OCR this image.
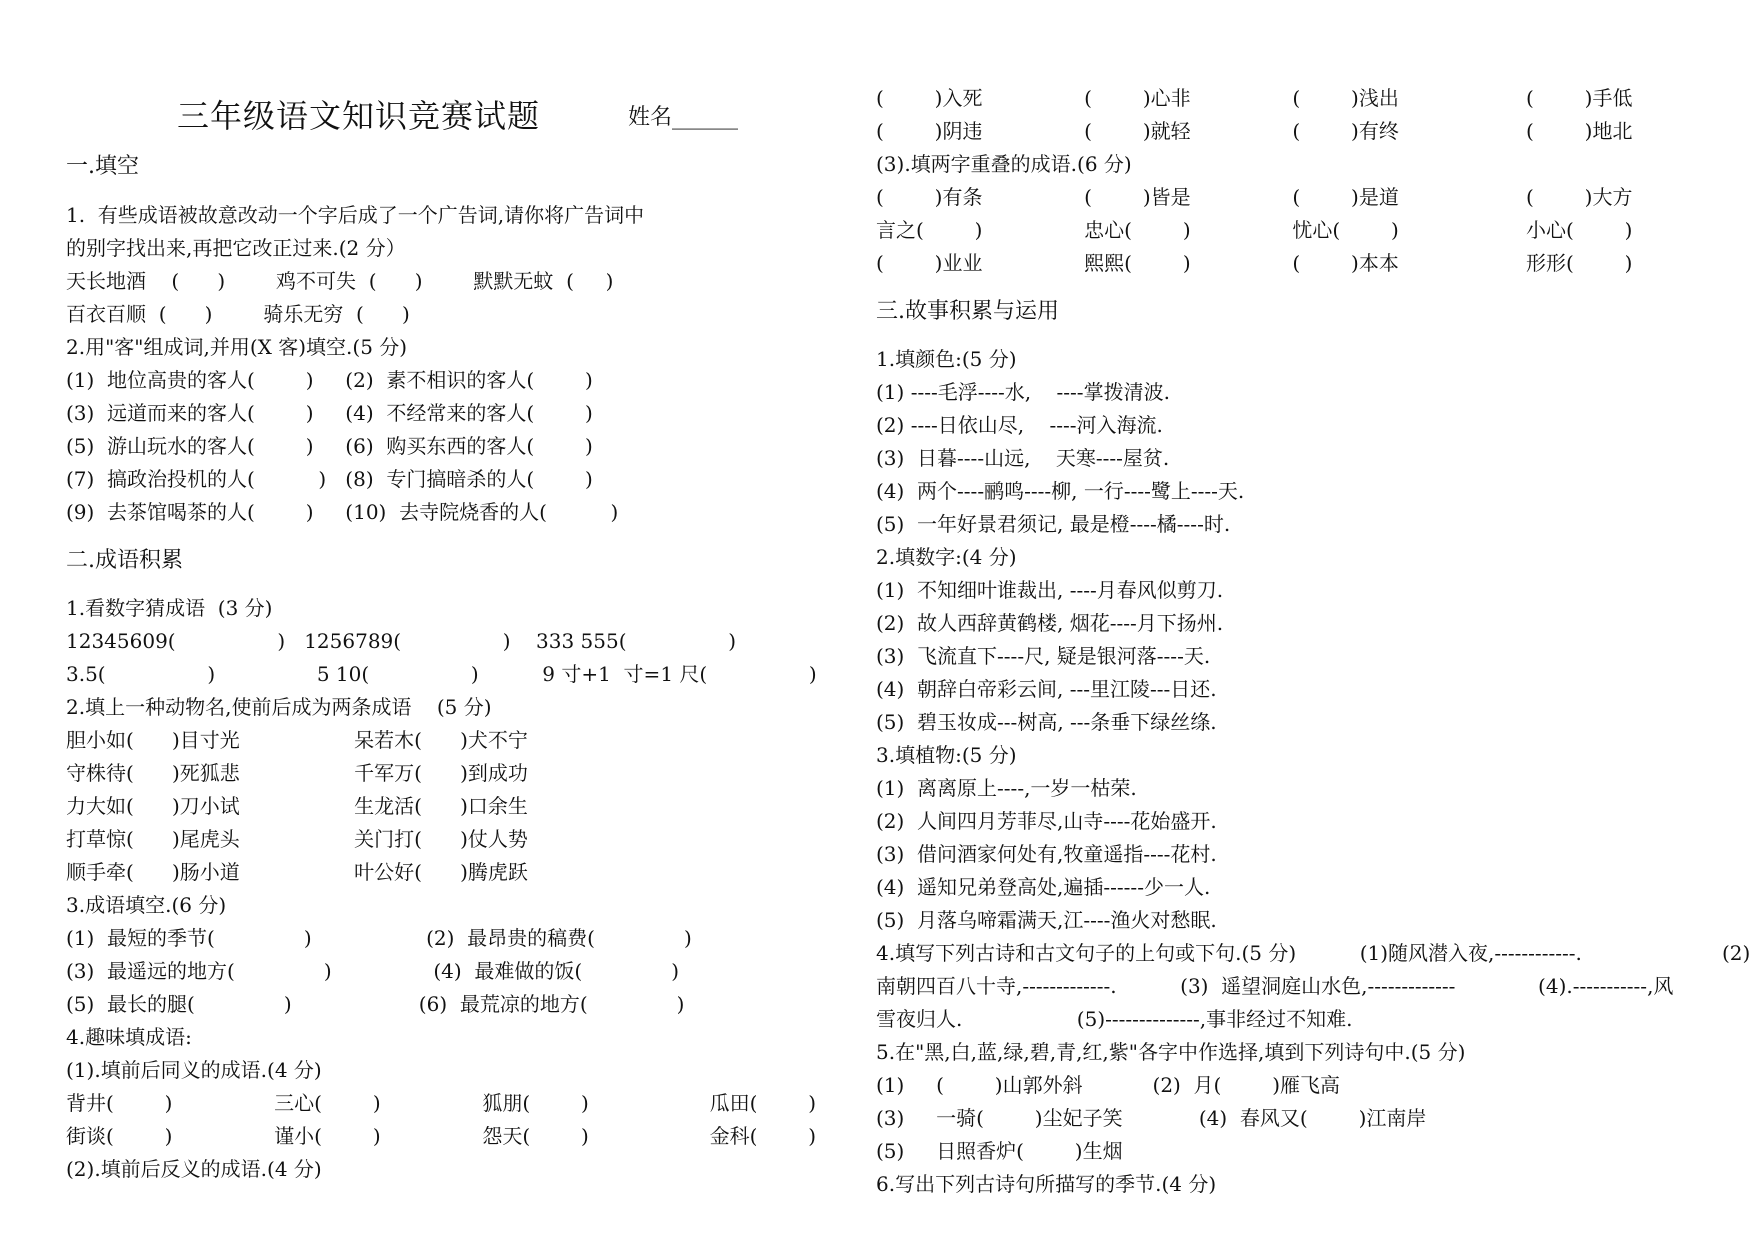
三年级语文知识竞赛试题	姓名______
一.填空
1.  有些成语被故意改动一个字后成了一个广告词,请你将广告词中
的别字找出来,再把它改正过来.(2 分）
天长地酒    (      )        鸡不可失  (      )        默默无蚊  (     )
百衣百顺  (      )        骑乐无穷  (      )
2.用"客"组成词,并用(X 客)填空.(5 分)
(1)  地位高贵的客人(        )     (2)  素不相识的客人(        )
(3)  远道而来的客人(        )     (4)  不经常来的客人(        )
(5)  游山玩水的客人(        )     (6)  购买东西的客人(        )
(7)  搞政治投机的人(          )   (8)  专门搞暗杀的人(        )
(9)  去茶馆喝茶的人(        )     (10)  去寺院烧香的人(          )
二.成语积累
1.看数字猜成语  (3 分)
12345609(                )   1256789(                )    333 555(                )
3.5(                )                5 10(                )          9 寸+1  寸=1 尺(                )
2.填上一种动物名,使前后成为两条成语    (5 分)
胆小如(      )目寸光                  呆若木(      )犬不宁
守株待(      )死狐悲                  千军万(      )到成功
力大如(      )刀小试                  生龙活(      )口余生
打草惊(      )尾虎头                  关门打(      )仗人势
顺手牵(      )肠小道                  叶公好(      )腾虎跃
3.成语填空.(6 分)
(1)  最短的季节(              )                  (2)  最昂贵的稿费(              )
(3)  最遥远的地方(              )                (4)  最难做的饭(              )
(5)  最长的腿(              )                    (6)  最荒凉的地方(              )
4.趣味填成语:
(1).填前后同义的成语.(4 分)
背井(        )                三心(        )                狐朋(        )                   瓜田(        )
街谈(        )                谨小(        )                怨天(        )                   金科(        )
(2).填前后反义的成语.(4 分)
(        )入死                (        )心非                (        )浅出                    (        )手低
(        )阴违                (        )就轻                (        )有终                    (        )地北
(3).填两字重叠的成语.(6 分)
(        )有条                (        )皆是                (        )是道                    (        )大方
言之(        )                忠心(        )                忧心(        )                    小心(        )
(        )业业                熙熙(        )                (        )本本                    形形(        )
三.故事积累与运用
1.填颜色:(5 分)
(1) ----毛浮----水,    ----掌拨清波.
(2) ----日依山尽,    ----河入海流.
(3)  日暮----山远,    天寒----屋贫.
(4)  两个----鹂鸣----柳, 一行----鹭上----天.
(5)  一年好景君须记, 最是橙----橘----时.
2.填数字:(4 分)
(1)  不知细叶谁裁出, ----月春风似剪刀.
(2)  故人西辞黄鹤楼, 烟花----月下扬州.
(3)  飞流直下----尺, 疑是银河落----天.
(4)  朝辞白帝彩云间, ---里江陵---日还.
(5)  碧玉妆成---树高, ---条垂下绿丝绦.
3.填植物:(5 分)
(1)  离离原上----,一岁一枯荣.
(2)  人间四月芳菲尽,山寺----花始盛开.
(3)  借问酒家何处有,牧童遥指----花村.
(4)  遥知兄弟登高处,遍插------少一人.
(5)  月落乌啼霜满天,江----渔火对愁眠.
4.填写下列古诗和古文句子的上句或下句.(5 分)          (1)随风潜入夜,------------.	(2)
南朝四百八十寺,-------------.          (3)  遥望洞庭山水色,-------------             (4).-----------,风
雪夜归人.                  (5)--------------,事非经过不知难.
5.在"黑,白,蓝,绿,碧,青,红,紫"各字中作选择,填到下列诗句中.(5 分)
(1)     (        )山郭外斜           (2)  月(        )雁飞高
(3)     一骑(        )尘妃子笑            (4)  春风又(        )江南岸
(5)     日照香炉(        )生烟
6.写出下列古诗句所描写的季节.(4 分)
